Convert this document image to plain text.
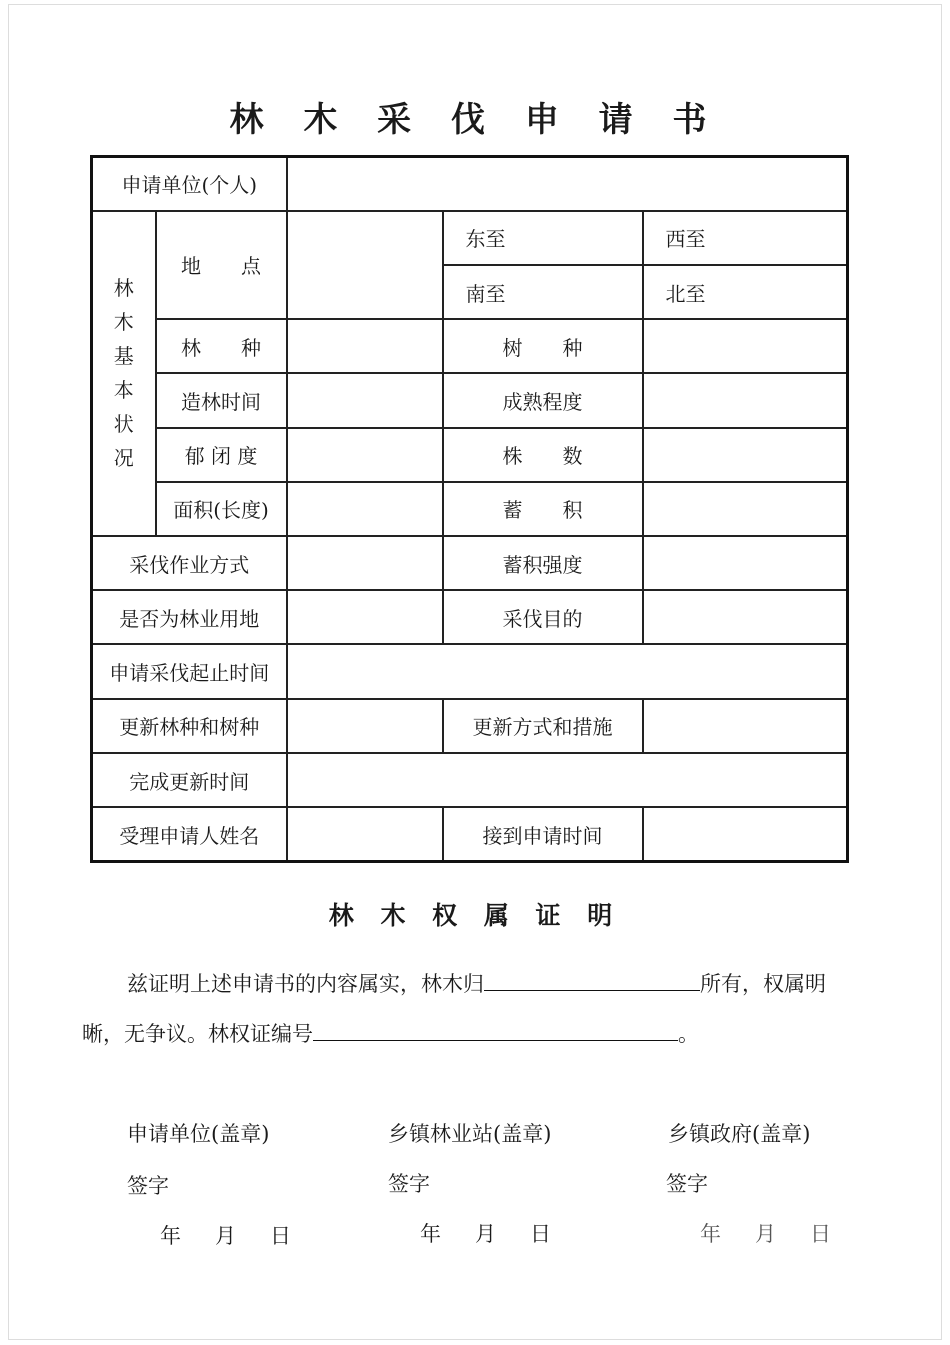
林 木 采 伐 申 请 书
申请单位(个人)				
林木基本状况	地　　点		东至	西至
			南至	北至
	林　　种		树　　种	
	造林时间		成熟程度	
	郁 闭 度		株　　数	
	面积(长度)		蓄　　积	
采伐作业方式			蓄积强度	
是否为林业用地			采伐目的	
申请采伐起止时间				
更新林种和树种			更新方式和措施	
完成更新时间				
受理申请人姓名			接到申请时间	
林 木 权 属 证 明
兹证明上述申请书的内容属实，林木归	所有，权属明
晰，无争议。林权证编号	。
申请单位(盖章)	乡镇林业站(盖章)	乡镇政府(盖章)
签字	签字	签字
年 月 日	年 月 日	年 月 日
